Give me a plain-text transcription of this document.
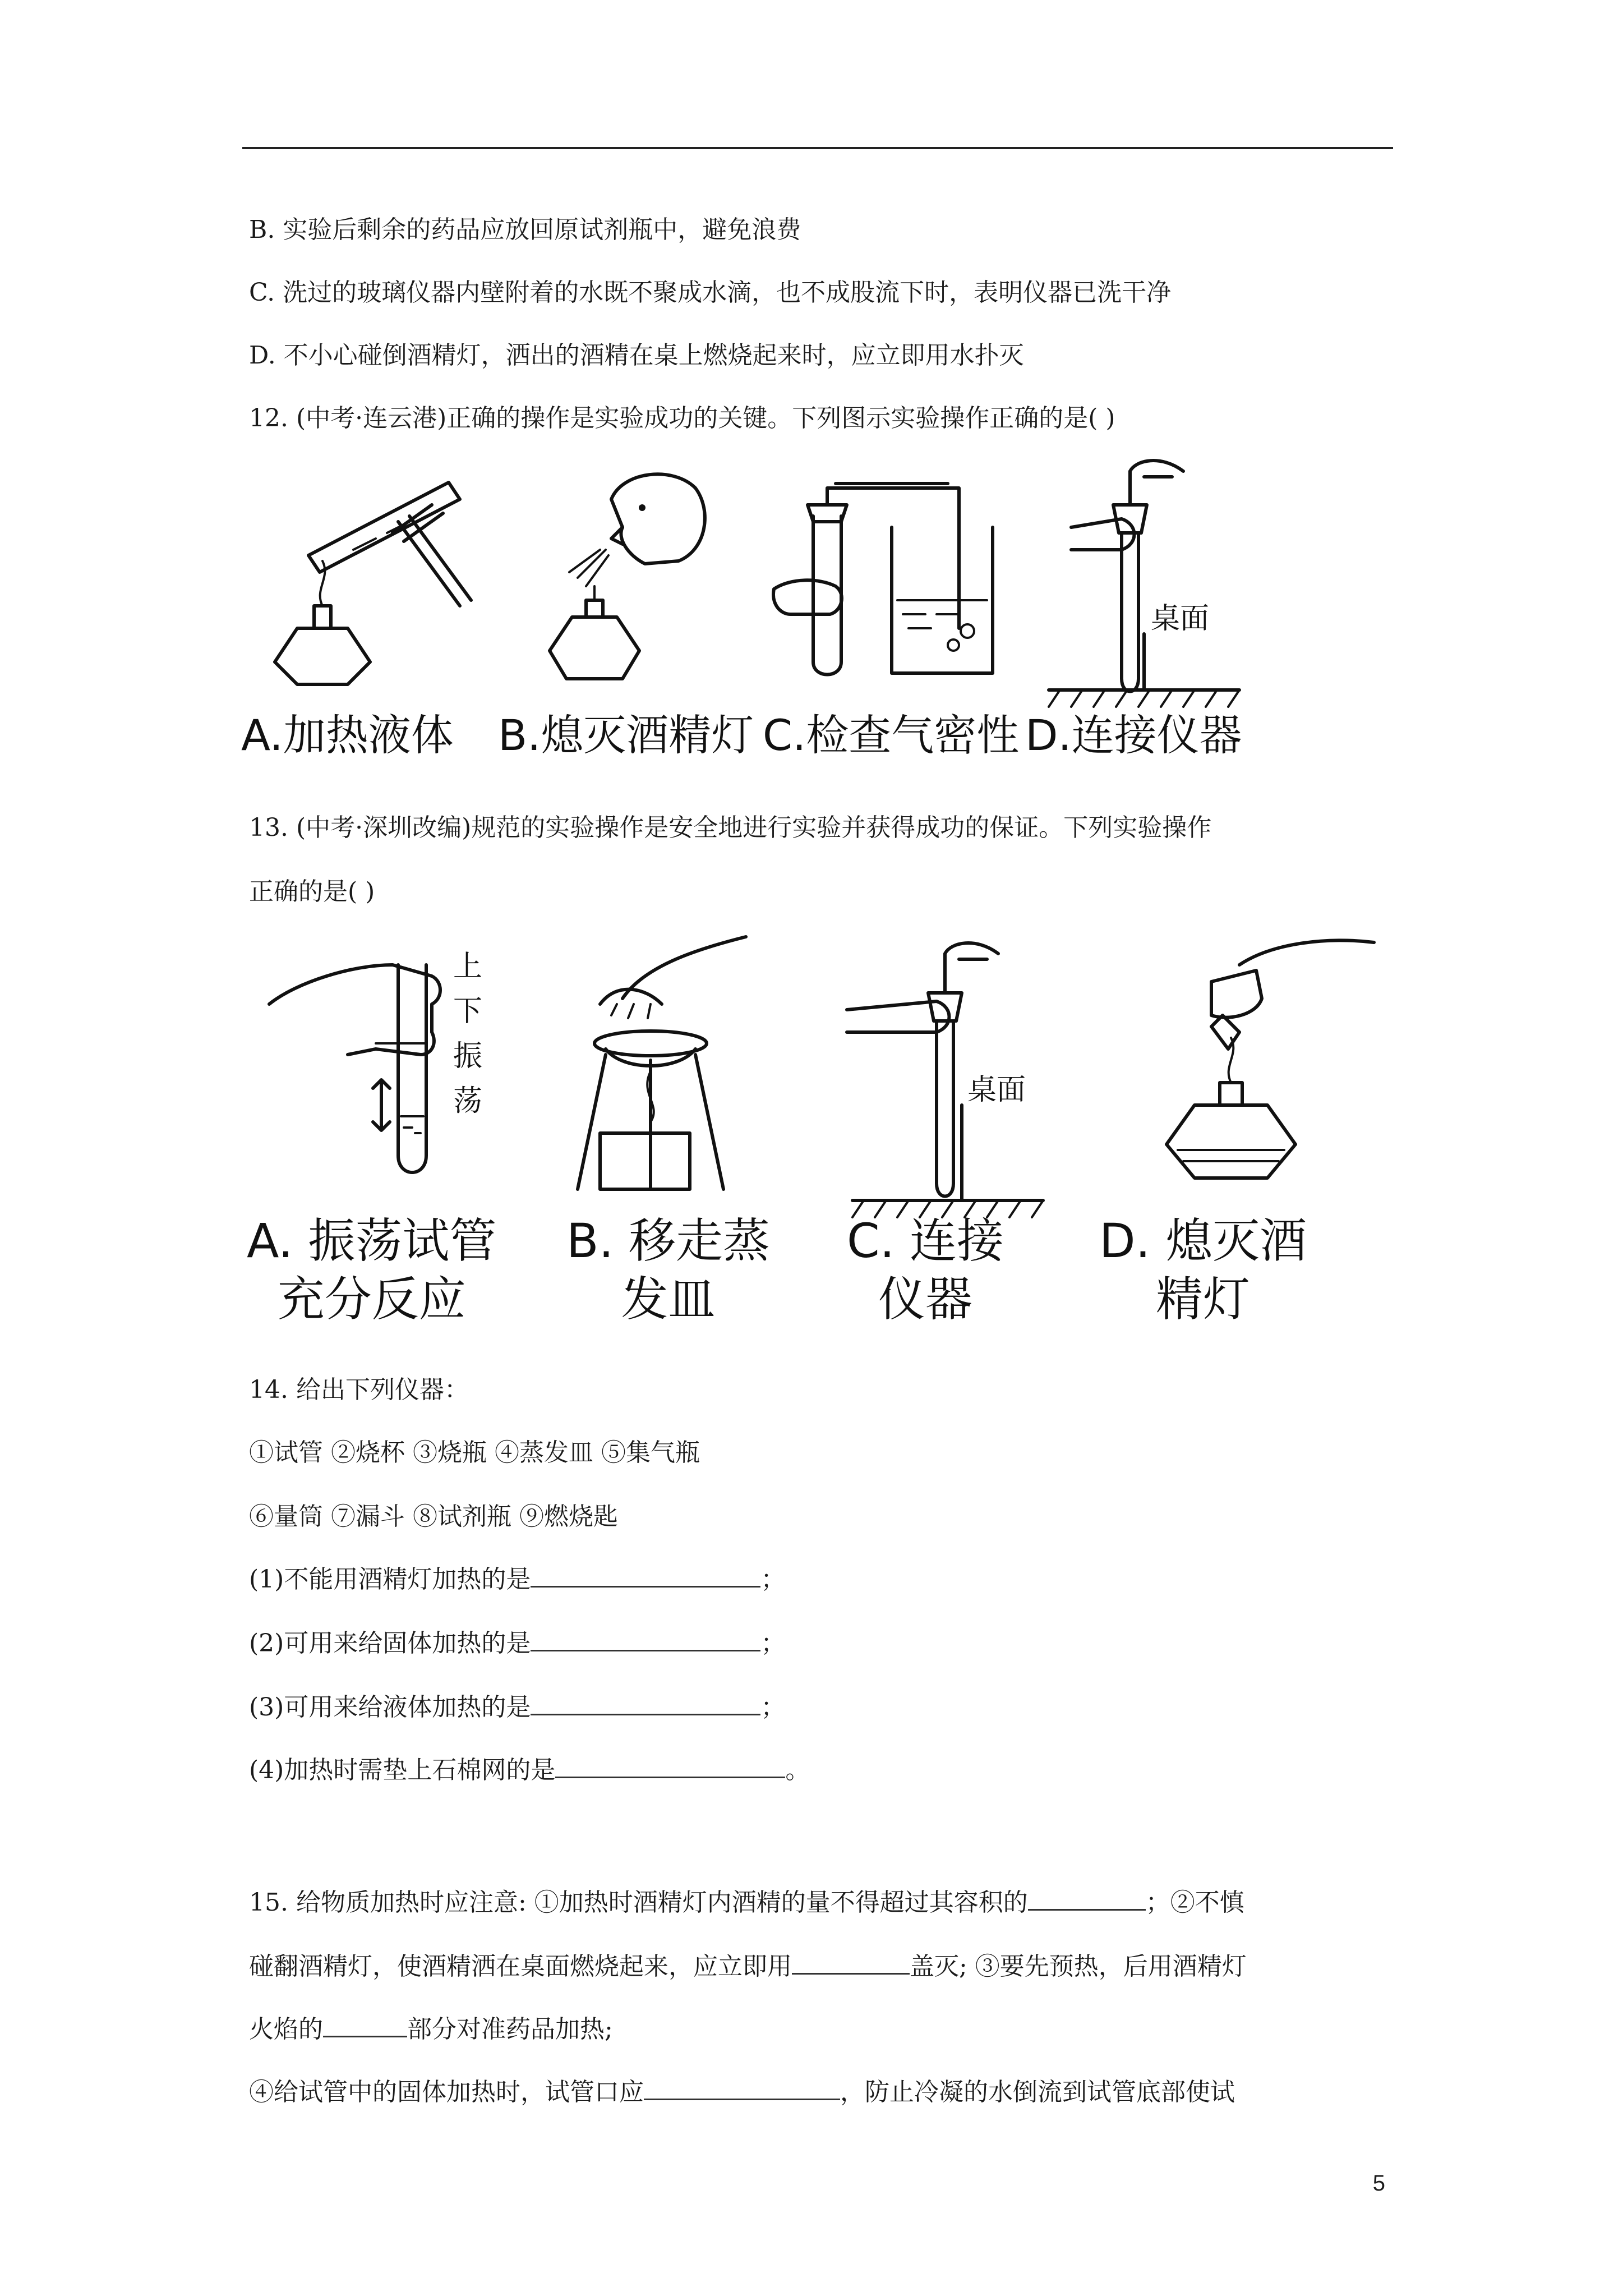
B. 实验后剩余的药品应放回原试剂瓶中，避免浪费
C. 洗过的玻璃仪器内壁附着的水既不聚成水滴，也不成股流下时，表明仪器已洗干净
D. 不小心碰倒酒精灯，洒出的酒精在桌上燃烧起来时，应立即用水扑灭
12. (中考·连云港)正确的操作是实验成功的关键。下列图示实验操作正确的是( )
A.加热液体 B.熄灭酒精灯 C.检查气密性
桌面
D.连接仪器
13. (中考·深圳改编)规范的实验操作是安全地进行实验并获得成功的保证。下列实验操作
正确的是( )
上
下
振
荡
A. 振荡试管
充分反应
B. 移走蒸
发皿
桌面
C. 连接
仪器
D. 熄灭酒
精灯
14. 给出下列仪器：
①试管 ②烧杯 ③烧瓶 ④蒸发皿 ⑤集气瓶
⑥量筒 ⑦漏斗 ⑧试剂瓶 ⑨燃烧匙
(1)不能用酒精灯加热的是	；
(2)可用来给固体加热的是	；
(3)可用来给液体加热的是	；
(4)加热时需垫上石棉网的是	。
15. 给物质加热时应注意: ①加热时酒精灯内酒精的量不得超过其容积的	；②不慎
碰翻酒精灯，使酒精洒在桌面燃烧起来，应立即用	盖灭; ③要先预热，后用酒精灯
火焰的	部分对准药品加热;
④给试管中的固体加热时，试管口应	，防止冷凝的水倒流到试管底部使试
5
